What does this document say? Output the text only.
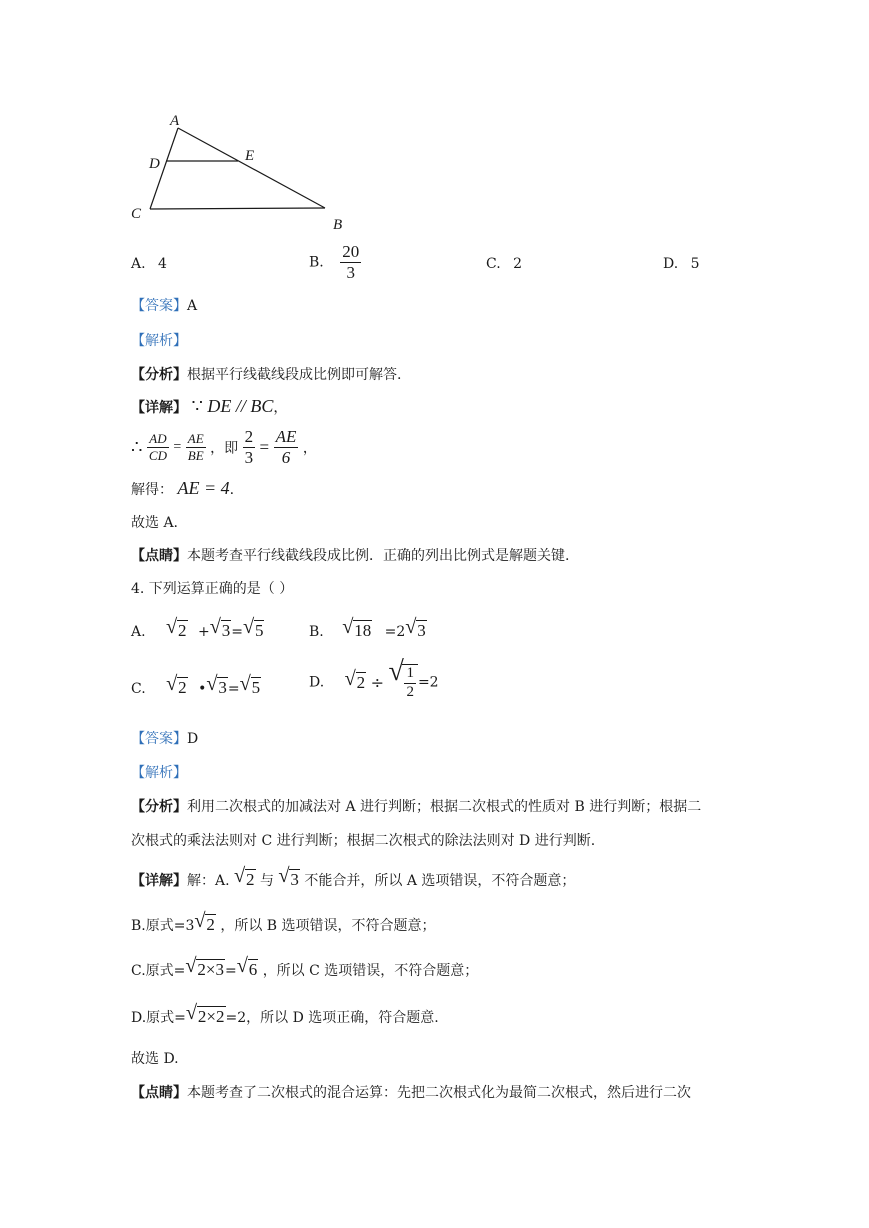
A
D	E
C
B
A. 4	B. $\frac{20}{3}$	C. 2	D. 5
【答案】A
【解析】
【分析】根据平行线截线段成比例即可解答.
【详解】 ∵ DE // BC，
∴ $\frac{AD}{CD} = \frac{AE}{BE}$ ，即 $\frac{2}{3} = \frac{AE}{6}$ ，
解得： AE = 4.
故选 A.
【点睛】本题考查平行线截线段成比例．正确的列出比例式是解题关键.
4. 下列运算正确的是（ ）
A. √ 2 + √ 3= √ 5	B. √ 18 =2 √ 3
C. √ 2 • √ 3= √ 5	D. √ 2 ÷ √ $\frac{1}{2} =2$
【答案】D
【解析】
【分析】利用二次根式的加减法对 A 进行判断；根据二次根式的性质对 B 进行判断；根据二
次根式的乘法法则对 C 进行判断；根据二次根式的除法法则对 D 进行判断.
【详解】解：A. √ 2 与 √ 3 不能合并，所以 A 选项错误，不符合题意；
B.原式=3 √ 2 ，所以 B 选项错误，不符合题意；
C.原式= √ 2×3= √ 6 ，所以 C 选项错误，不符合题意；
D.原式= √ 2×2=2，所以 D 选项正确，符合题意.
故选 D.
【点睛】本题考查了二次根式的混合运算：先把二次根式化为最简二次根式，然后进行二次
